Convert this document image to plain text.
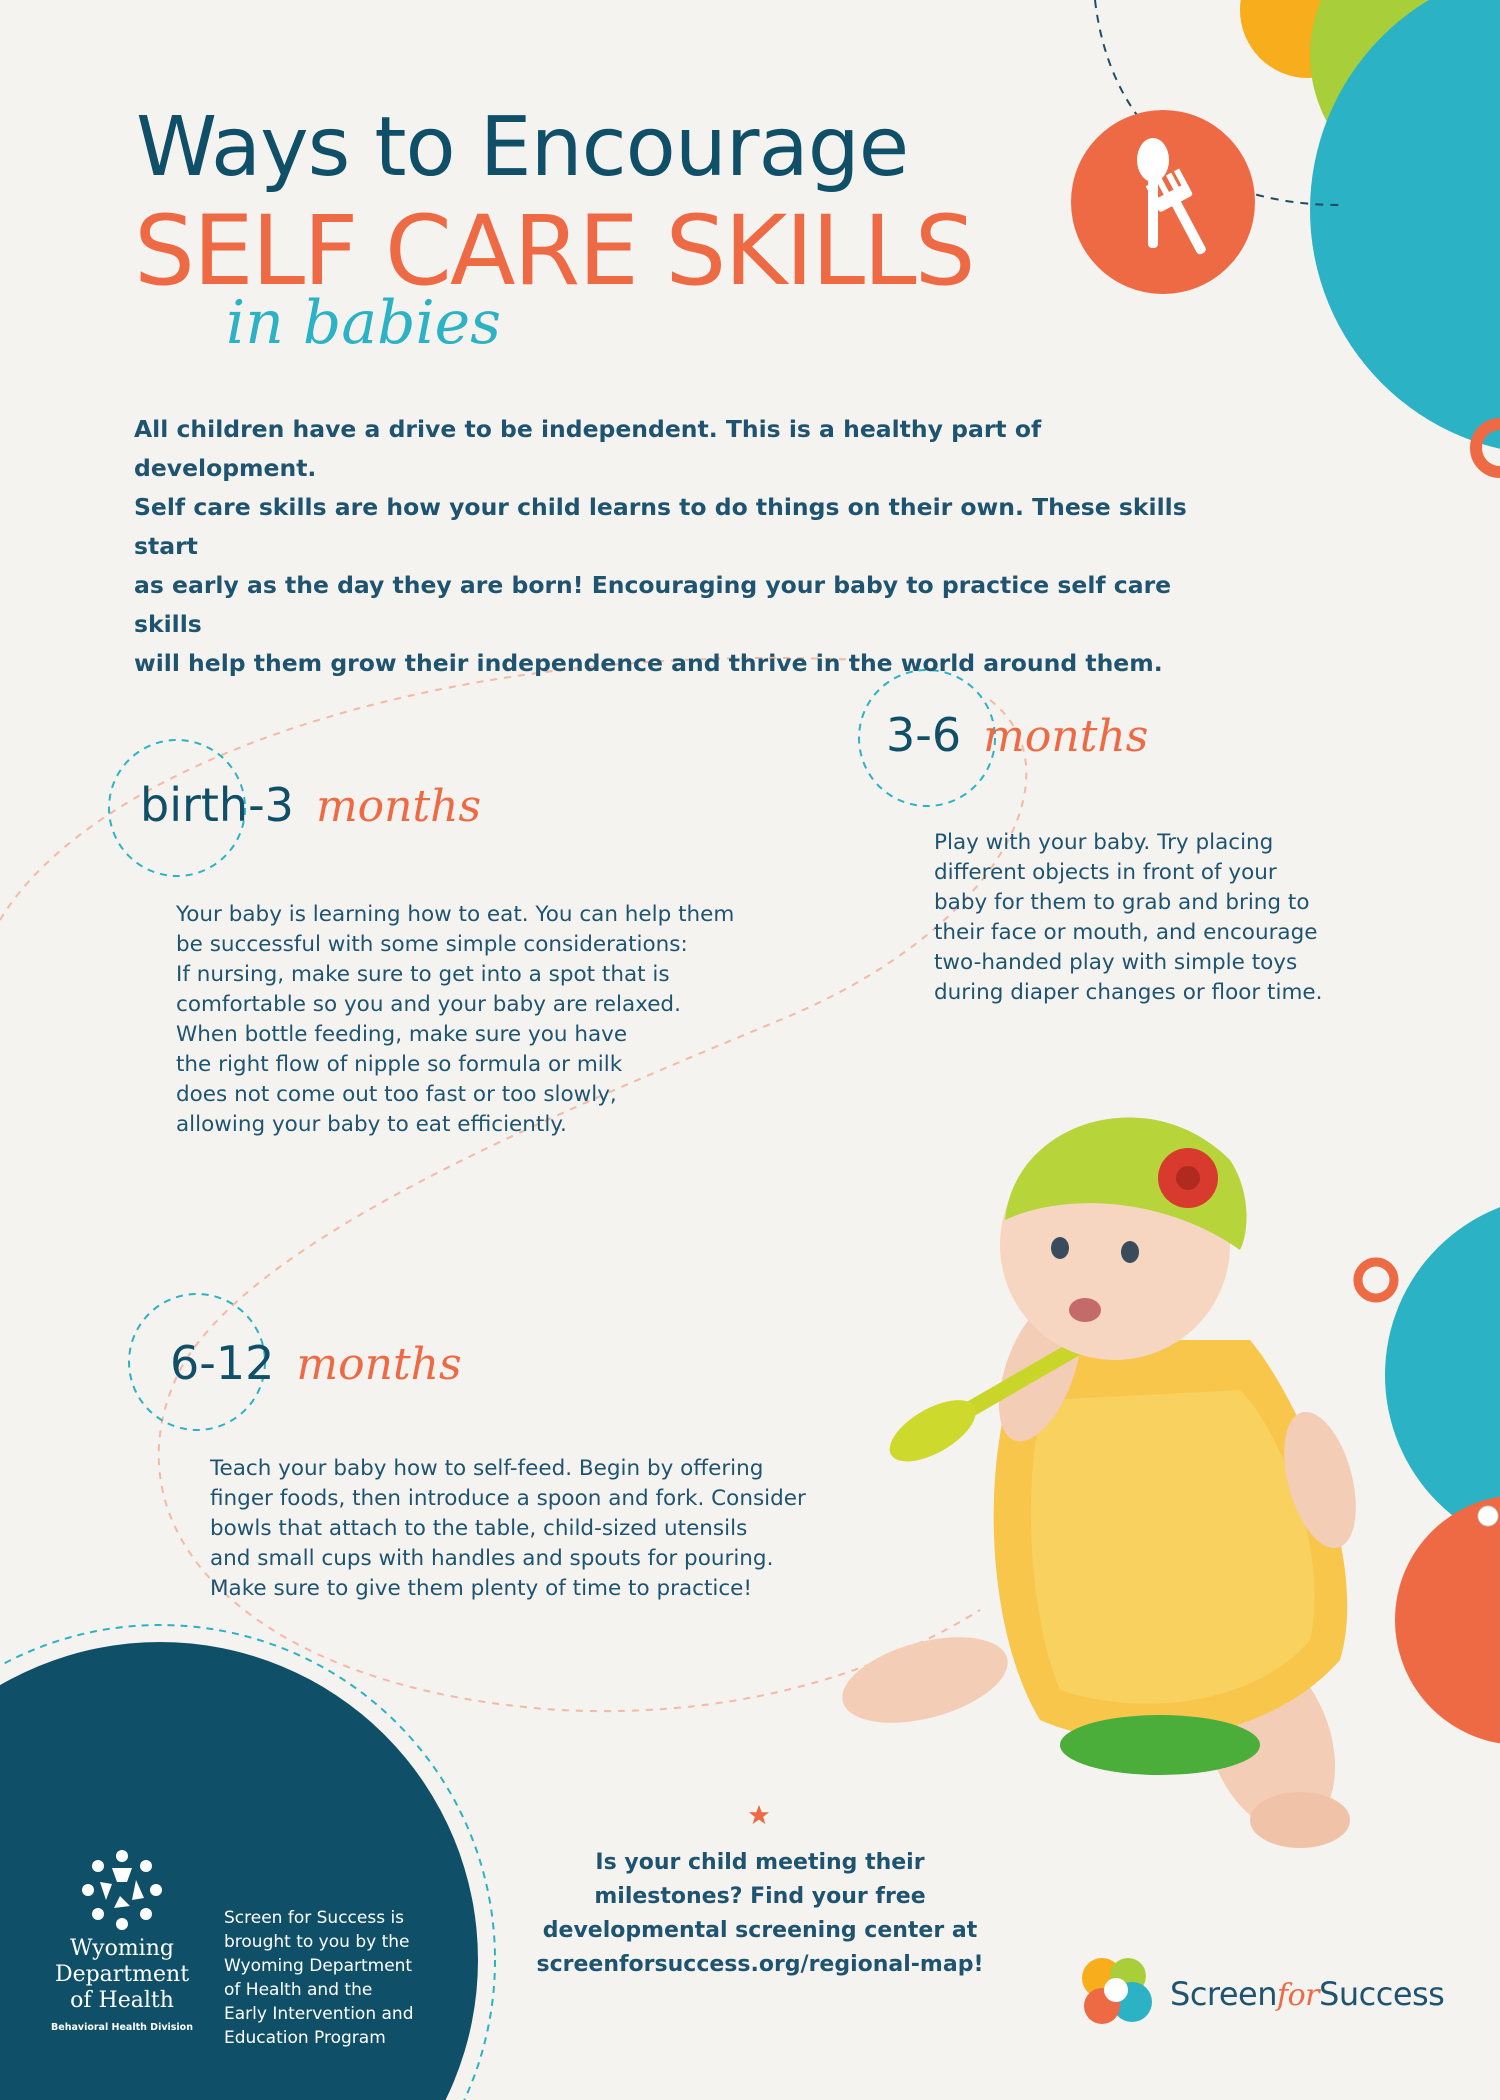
Ways to Encourage
SELF CARE SKILLS
in babies
All children have a drive to be independent. This is a healthy part of development.
Self care skills are how your child learns to do things on their own. These skills start
as early as the day they are born! Encouraging your baby to practice self care skills
will help them grow their independence and thrive in the world around them.
birth-3 months
Your baby is learning how to eat. You can help them
be successful with some simple considerations:
If nursing, make sure to get into a spot that is
comfortable so you and your baby are relaxed.
When bottle feeding, make sure you have
the right flow of nipple so formula or milk
does not come out too fast or too slowly,
allowing your baby to eat efficiently.
3-6 months
Play with your baby. Try placing
different objects in front of your
baby for them to grab and bring to
their face or mouth, and encourage
two-handed play with simple toys
during diaper changes or floor time.
6-12 months
Teach your baby how to self-feed. Begin by offering
finger foods, then introduce a spoon and fork. Consider
bowls that attach to the table, child-sized utensils
and small cups with handles and spouts for pouring.
Make sure to give them plenty of time to practice!
Is your child meeting their
milestones? Find your free
developmental screening center at
screenforsuccess.org/regional-map!
Wyoming
Department
of Health
Behavioral Health Division
Screen for Success is
brought to you by the
Wyoming Department
of Health and the
Early Intervention and
Education Program
ScreenforSuccess
